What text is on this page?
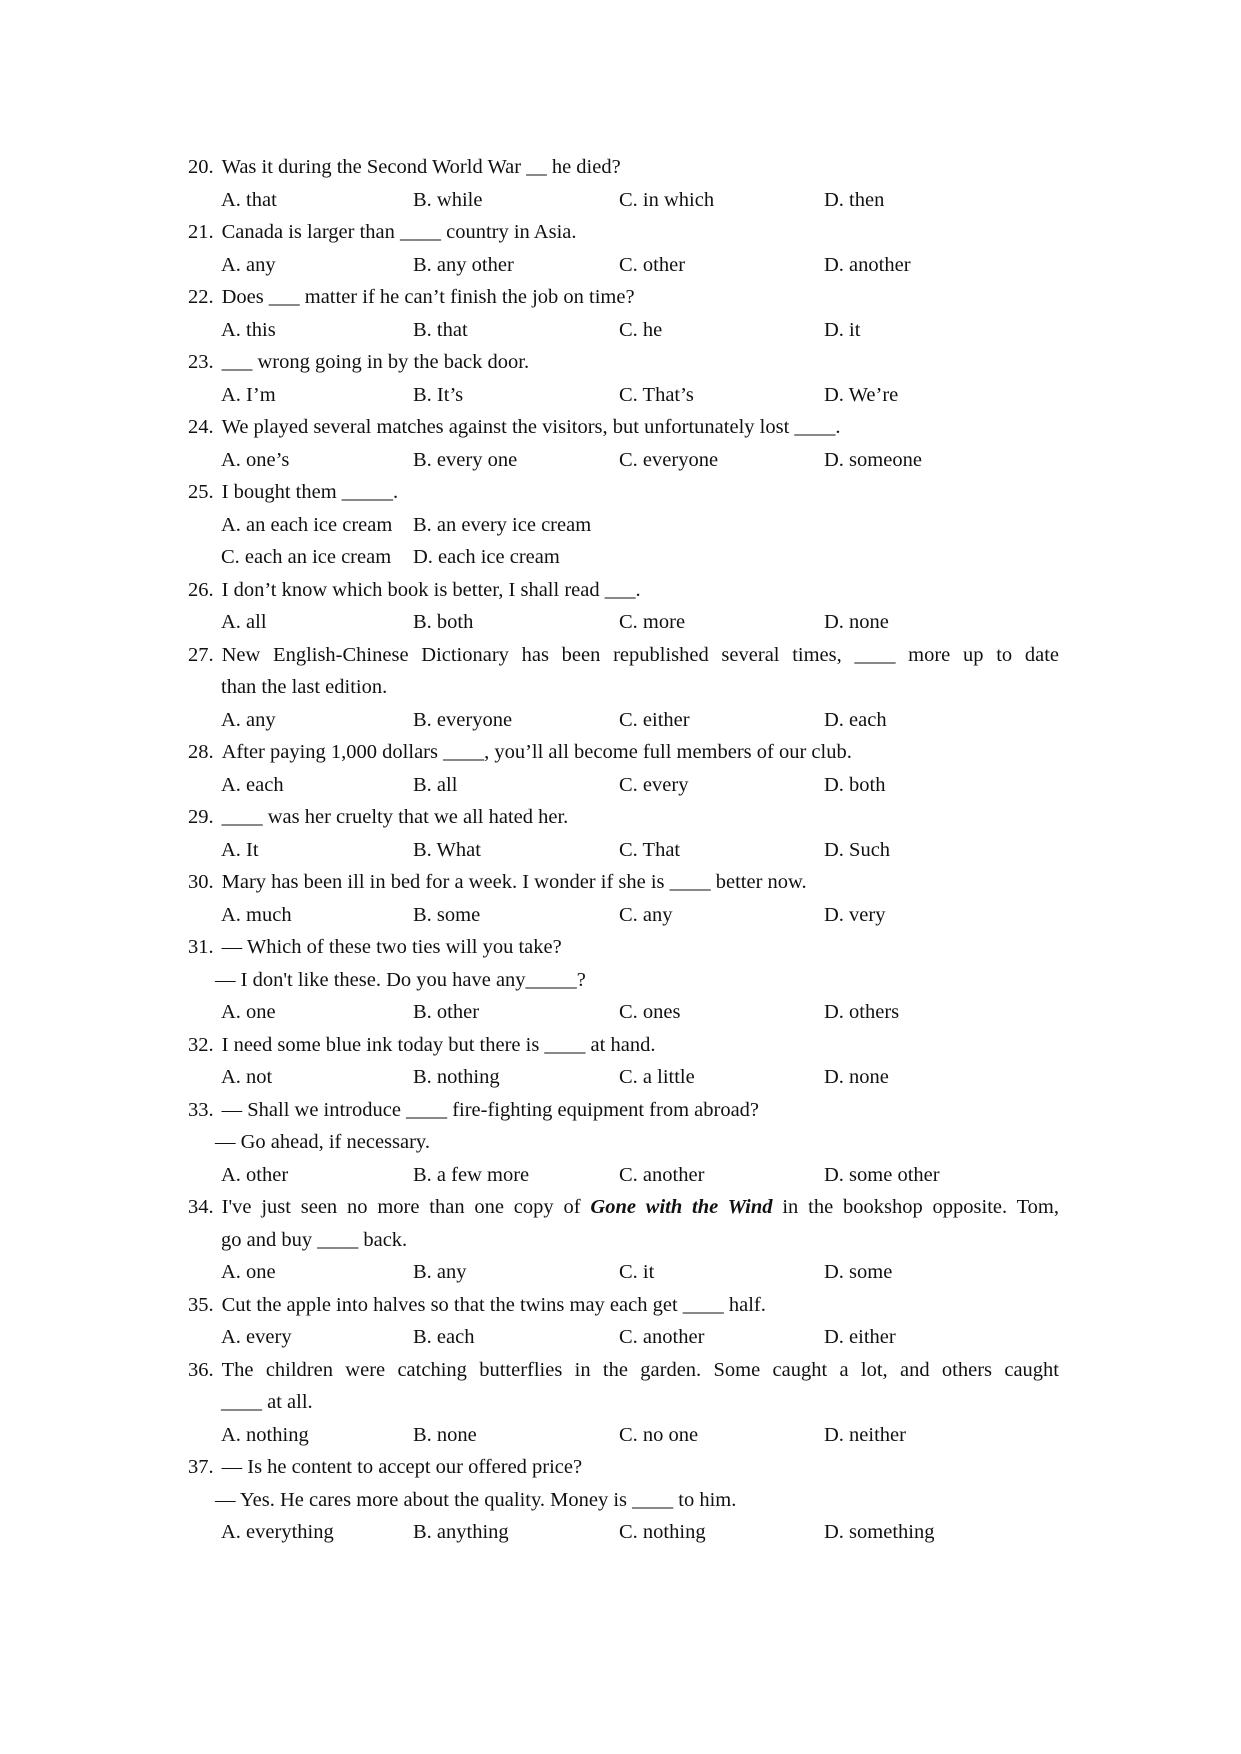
20. Was it during the Second World War __ he died?
A. that	B. while	C. in which	D. then
21. Canada is larger than ____ country in Asia.
A. any	B. any other	C. other	D. another
22. Does ___ matter if he can’t finish the job on time?
A. this	B. that	C. he	D. it
23. ___ wrong going in by the back door.
A. I’m	B. It’s	C. That’s	D. We’re
24. We played several matches against the visitors, but unfortunately lost ____.
A. one’s	B. every one	C. everyone	D. someone
25. I bought them _____.
A. an each ice cream B. an every ice cream
C. each an ice cream D. each ice cream
26. I don’t know which book is better, I shall read ___.
A. all	B. both	C. more	D. none
27. New English-Chinese Dictionary has been republished several times, ____ more up to date
than the last edition.
A. any	B. everyone	C. either	D. each
28. After paying 1,000 dollars ____, you’ll all become full members of our club.
A. each	B. all	C. every	D. both
29. ____ was her cruelty that we all hated her.
A. It	B. What	C. That	D. Such
30. Mary has been ill in bed for a week. I wonder if she is ____ better now.
A. much	B. some	C. any	D. very
31. — Which of these two ties will you take?
— I don't like these. Do you have any_____?
A. one	B. other	C. ones	D. others
32. I need some blue ink today but there is ____ at hand.
A. not	B. nothing	C. a little	D. none
33. — Shall we introduce ____ fire-fighting equipment from abroad?
— Go ahead, if necessary.
A. other	B. a few more	C. another	D. some other
34. I've just seen no more than one copy of Gone with the Wind in the bookshop opposite. Tom,
go and buy ____ back.
A. one	B. any	C. it	D. some
35. Cut the apple into halves so that the twins may each get ____ half.
A. every	B. each	C. another	D. either
36. The children were catching butterflies in the garden. Some caught a lot, and others caught
____ at all.
A. nothing	B. none	C. no one	D. neither
37. — Is he content to accept our offered price?
— Yes. He cares more about the quality. Money is ____ to him.
A. everything	B. anything	C. nothing	D. something
